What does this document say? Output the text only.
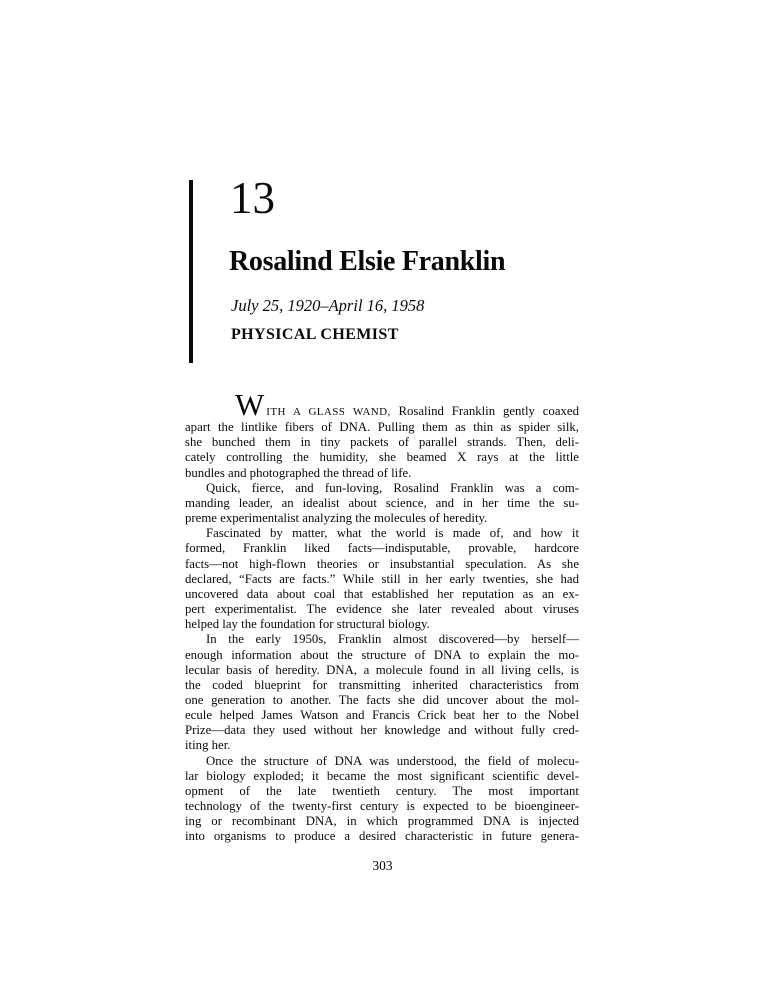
13
Rosalind Elsie Franklin
July 25, 1920–April 16, 1958
PHYSICAL CHEMIST
WITH A GLASS WAND, Rosalind Franklin gently coaxed
apart the lintlike fibers of DNA. Pulling them as thin as spider silk,
she bunched them in tiny packets of parallel strands. Then, deli-
cately controlling the humidity, she beamed X rays at the little
bundles and photographed the thread of life.
Quick, fierce, and fun-loving, Rosalind Franklin was a com-
manding leader, an idealist about science, and in her time the su-
preme experimentalist analyzing the molecules of heredity.
Fascinated by matter, what the world is made of, and how it
formed, Franklin liked facts—indisputable, provable, hardcore
facts—not high-flown theories or insubstantial speculation. As she
declared, “Facts are facts.” While still in her early twenties, she had
uncovered data about coal that established her reputation as an ex-
pert experimentalist. The evidence she later revealed about viruses
helped lay the foundation for structural biology.
In the early 1950s, Franklin almost discovered—by herself—
enough information about the structure of DNA to explain the mo-
lecular basis of heredity. DNA, a molecule found in all living cells, is
the coded blueprint for transmitting inherited characteristics from
one generation to another. The facts she did uncover about the mol-
ecule helped James Watson and Francis Crick beat her to the Nobel
Prize—data they used without her knowledge and without fully cred-
iting her.
Once the structure of DNA was understood, the field of molecu-
lar biology exploded; it became the most significant scientific devel-
opment of the late twentieth century. The most important
technology of the twenty-first century is expected to be bioengineer-
ing or recombinant DNA, in which programmed DNA is injected
into organisms to produce a desired characteristic in future genera-
303
